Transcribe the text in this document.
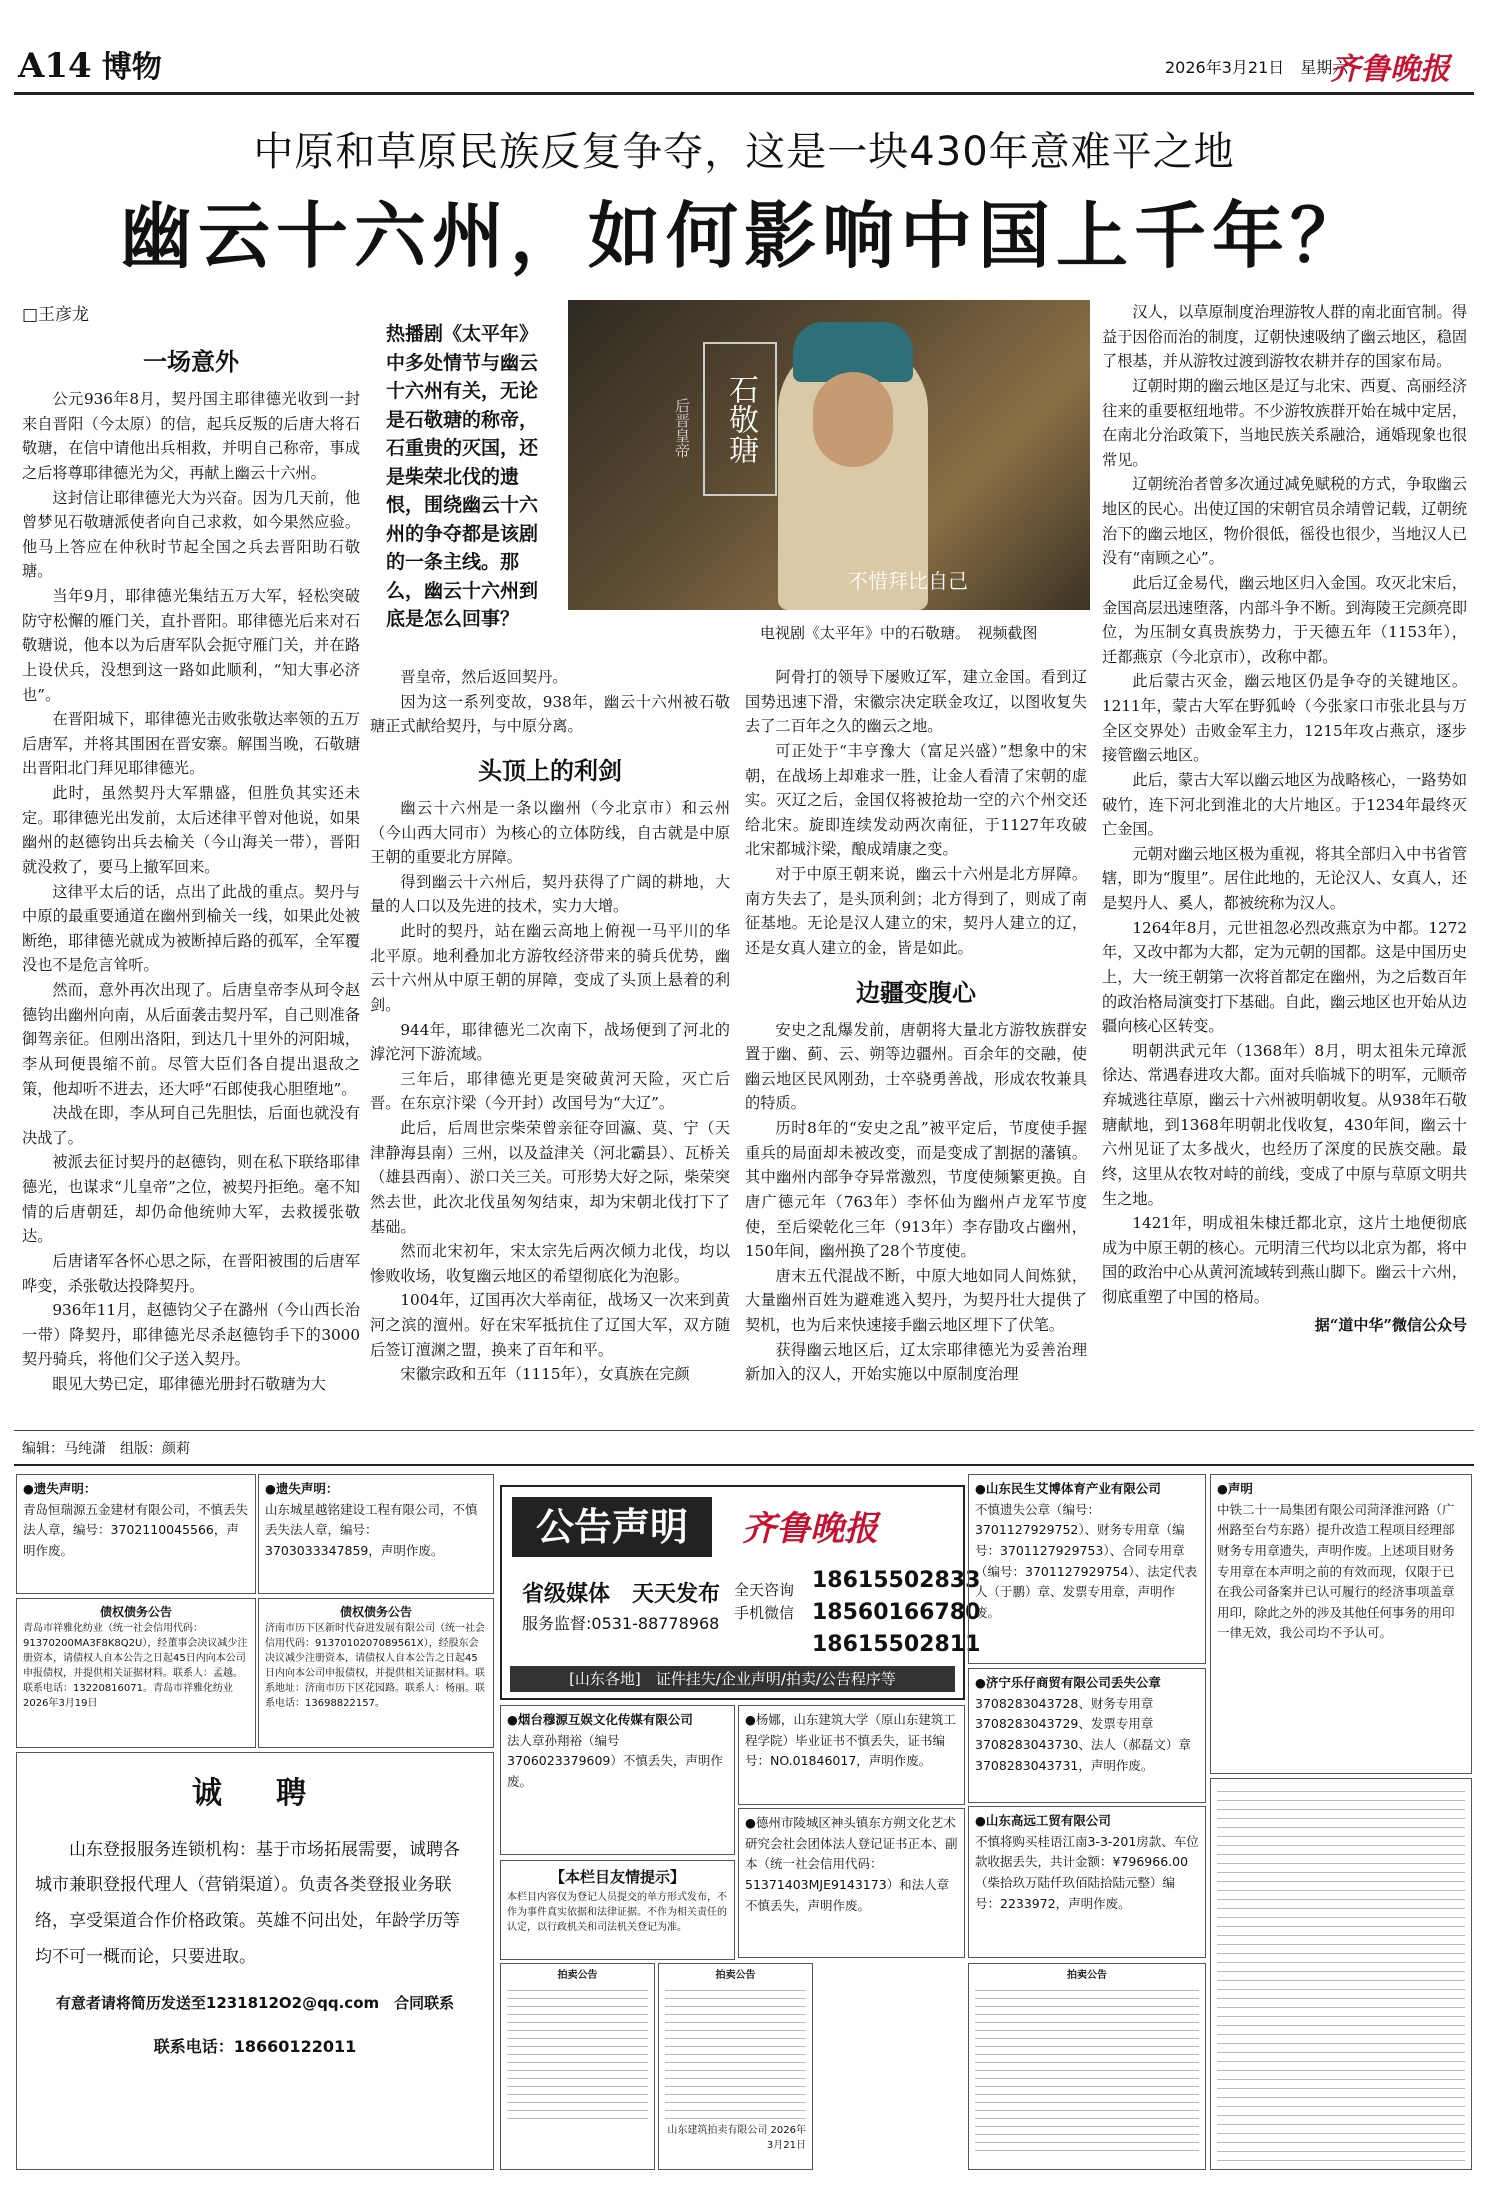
A14 博物	2026年3月21日　星期六
齐鲁晚报
中原和草原民族反复争夺，这是一块430年意难平之地
幽云十六州，如何影响中国上千年？
□王彦龙
热播剧《太平年》中多处情节与幽云十六州有关，无论是石敬瑭的称帝，石重贵的灭国，还是柴荣北伐的遗恨，围绕幽云十六州的争夺都是该剧的一条主线。那么，幽云十六州到底是怎么回事？
石敬瑭
后晋皇帝
不惜拜比自己
电视剧《太平年》中的石敬瑭。　视频截图
一场意外

公元936年8月，契丹国主耶律德光收到一封来自晋阳（今太原）的信，起兵反叛的后唐大将石敬瑭，在信中请他出兵相救，并明自己称帝，事成之后将尊耶律德光为父，再献上幽云十六州。

这封信让耶律德光大为兴奋。因为几天前，他曾梦见石敬瑭派使者向自己求救，如今果然应验。他马上答应在仲秋时节起全国之兵去晋阳助石敬瑭。

当年9月，耶律德光集结五万大军，轻松突破防守松懈的雁门关，直扑晋阳。耶律德光后来对石敬瑭说，他本以为后唐军队会扼守雁门关，并在路上设伏兵，没想到这一路如此顺利，“知大事必济也”。

在晋阳城下，耶律德光击败张敬达率领的五万后唐军，并将其围困在晋安寨。解围当晚，石敬瑭出晋阳北门拜见耶律德光。

此时，虽然契丹大军鼎盛，但胜负其实还未定。耶律德光出发前，太后述律平曾对他说，如果幽州的赵德钧出兵去榆关（今山海关一带），晋阳就没救了，要马上撤军回来。

这律平太后的话，点出了此战的重点。契丹与中原的最重要通道在幽州到榆关一线，如果此处被断绝，耶律德光就成为被断掉后路的孤军，全军覆没也不是危言耸听。

然而，意外再次出现了。后唐皇帝李从珂令赵德钧出幽州向南，从后面袭击契丹军，自己则准备御驾亲征。但刚出洛阳，到达几十里外的河阳城，李从珂便畏缩不前。尽管大臣们各自提出退敌之策，他却听不进去，还大呼“石郎使我心胆堕地”。

决战在即，李从珂自己先胆怯，后面也就没有决战了。

被派去征讨契丹的赵德钧，则在私下联络耶律德光，也谋求“儿皇帝”之位，被契丹拒绝。毫不知情的后唐朝廷，却仍命他统帅大军，去救援张敬达。

后唐诸军各怀心思之际，在晋阳被围的后唐军哗变，杀张敬达投降契丹。

936年11月，赵德钧父子在潞州（今山西长治一带）降契丹，耶律德光尽杀赵德钧手下的3000契丹骑兵，将他们父子送入契丹。

眼见大势已定，耶律德光册封石敬瑭为大

晋皇帝，然后返回契丹。

因为这一系列变故，938年，幽云十六州被石敬瑭正式献给契丹，与中原分离。

头顶上的利剑

幽云十六州是一条以幽州（今北京市）和云州（今山西大同市）为核心的立体防线，自古就是中原王朝的重要北方屏障。

得到幽云十六州后，契丹获得了广阔的耕地，大量的人口以及先进的技术，实力大增。

此时的契丹，站在幽云高地上俯视一马平川的华北平原。地利叠加北方游牧经济带来的骑兵优势，幽云十六州从中原王朝的屏障，变成了头顶上悬着的利剑。

944年，耶律德光二次南下，战场便到了河北的滹沱河下游流域。

三年后，耶律德光更是突破黄河天险，灭亡后晋。在东京汴梁（今开封）改国号为“大辽”。

此后，后周世宗柴荣曾亲征夺回瀛、莫、宁（天津静海县南）三州，以及益津关（河北霸县）、瓦桥关（雄县西南）、淤口关三关。可形势大好之际，柴荣突然去世，此次北伐虽匆匆结束，却为宋朝北伐打下了基础。

然而北宋初年，宋太宗先后两次倾力北伐，均以惨败收场，收复幽云地区的希望彻底化为泡影。

1004年，辽国再次大举南征，战场又一次来到黄河之滨的澶州。好在宋军抵抗住了辽国大军，双方随后签订澶渊之盟，换来了百年和平。

宋徽宗政和五年（1115年），女真族在完颜

阿骨打的领导下屡败辽军，建立金国。看到辽国势迅速下滑，宋徽宗决定联金攻辽，以图收复失去了二百年之久的幽云之地。

可正处于“丰亨豫大（富足兴盛）”想象中的宋朝，在战场上却难求一胜，让金人看清了宋朝的虚实。灭辽之后，金国仅将被抢劫一空的六个州交还给北宋。旋即连续发动两次南征，于1127年攻破北宋都城汴梁，酿成靖康之变。

对于中原王朝来说，幽云十六州是北方屏障。南方失去了，是头顶利剑；北方得到了，则成了南征基地。无论是汉人建立的宋，契丹人建立的辽，还是女真人建立的金，皆是如此。

边疆变腹心

安史之乱爆发前，唐朝将大量北方游牧族群安置于幽、蓟、云、朔等边疆州。百余年的交融，使幽云地区民风刚劲，士卒骁勇善战，形成农牧兼具的特质。

历时8年的“安史之乱”被平定后，节度使手握重兵的局面却未被改变，而是变成了割据的藩镇。其中幽州内部争夺异常激烈，节度使频繁更换。自唐广德元年（763年）李怀仙为幽州卢龙军节度使，至后梁乾化三年（913年）李存勖攻占幽州，150年间，幽州换了28个节度使。

唐末五代混战不断，中原大地如同人间炼狱，大量幽州百姓为避难逃入契丹，为契丹壮大提供了契机，也为后来快速接手幽云地区埋下了伏笔。

获得幽云地区后，辽太宗耶律德光为妥善治理新加入的汉人，开始实施以中原制度治理

汉人，以草原制度治理游牧人群的南北面官制。得益于因俗而治的制度，辽朝快速吸纳了幽云地区，稳固了根基，并从游牧过渡到游牧农耕并存的国家布局。

辽朝时期的幽云地区是辽与北宋、西夏、高丽经济往来的重要枢纽地带。不少游牧族群开始在城中定居，在南北分治政策下，当地民族关系融洽，通婚现象也很常见。

辽朝统治者曾多次通过减免赋税的方式，争取幽云地区的民心。出使辽国的宋朝官员余靖曾记载，辽朝统治下的幽云地区，物价很低，徭役也很少，当地汉人已没有“南顾之心”。

此后辽金易代，幽云地区归入金国。攻灭北宋后，金国高层迅速堕落，内部斗争不断。到海陵王完颜亮即位，为压制女真贵族势力，于天德五年（1153年），迁都燕京（今北京市），改称中都。

此后蒙古灭金，幽云地区仍是争夺的关键地区。1211年，蒙古大军在野狐岭（今张家口市张北县与万全区交界处）击败金军主力，1215年攻占燕京，逐步接管幽云地区。

此后，蒙古大军以幽云地区为战略核心，一路势如破竹，连下河北到淮北的大片地区。于1234年最终灭亡金国。

元朝对幽云地区极为重视，将其全部归入中书省管辖，即为“腹里”。居住此地的，无论汉人、女真人，还是契丹人、奚人，都被统称为汉人。

1264年8月，元世祖忽必烈改燕京为中都。1272年，又改中都为大都，定为元朝的国都。这是中国历史上，大一统王朝第一次将首都定在幽州，为之后数百年的政治格局演变打下基础。自此，幽云地区也开始从边疆向核心区转变。

明朝洪武元年（1368年）8月，明太祖朱元璋派徐达、常遇春进攻大都。面对兵临城下的明军，元顺帝弃城逃往草原，幽云十六州被明朝收复。从938年石敬瑭献地，到1368年明朝北伐收复，430年间，幽云十六州见证了太多战火，也经历了深度的民族交融。最终，这里从农牧对峙的前线，变成了中原与草原文明共生之地。

1421年，明成祖朱棣迁都北京，这片土地便彻底成为中原王朝的核心。元明清三代均以北京为都，将中国的政治中心从黄河流域转到燕山脚下。幽云十六州，彻底重塑了中国的格局。

据“道中华”微信公众号
编辑：马纯潇　组版：颜莉
●遗失声明：
青岛恒瑞源五金建材有限公司，不慎丢失法人章，编号：3702110045566，声明作废。
●遗失声明：
山东城星越铭建设工程有限公司，不慎丢失法人章，编号：3703033347859，声明作废。
债权债务公告
青岛市祥雅化纺业（统一社会信用代码：91370200MA3F8K8Q2U），经董事会决议减少注册资本，请债权人自本公告之日起45日内向本公司申报债权，并提供相关证据材料。联系人：孟越。联系电话：13220816071。青岛市祥雅化纺业 2026年3月19日
债权债务公告
济南市历下区新时代奋进发展有限公司（统一社会信用代码：9137010207089561X），经股东会决议减少注册资本，请债权人自本公告之日起45日内向本公司申报债权，并提供相关证据材料。联系地址：济南市历下区花园路。联系人：杨丽。联系电话：13698822157。
诚　聘
山东登报服务连锁机构：基于市场拓展需要，诚聘各城市兼职登报代理人（营销渠道）。负责各类登报业务联络，享受渠道合作价格政策。英雄不问出处，年龄学历等均不可一概而论，只要进取。
有意者请将简历发送至1231812O2@qq.com　合同联系
联系电话：18660122011
公告声明	齐鲁晚报
省级媒体　天天发布
服务监督:0531-88778968
全天咨询 手机微信
18615502833
18560166780
18615502811
[山东各地]　证件挂失/企业声明/拍卖/公告程序等
●烟台穆源互娱文化传媒有限公司
法人章孙翔裕（编号3706023379609）不慎丢失，声明作废。
●杨娜，山东建筑大学（原山东建筑工程学院）毕业证书不慎丢失，证书编号：NO.01846017，声明作废。
●德州市陵城区神头镇东方朔文化艺术研究会社会团体法人登记证书正本、副本（统一社会信用代码：51371403MJE9143173）和法人章不慎丢失，声明作废。
【本栏目友情提示】
本栏目内容仅为登记人员提交的单方形式发布，不作为事件真实依据和法律证据。不作为相关责任的认定，以行政机关和司法机关登记为准。
拍卖公告	拍卖公告
山东建筑拍卖有限公司 2026年3月21日
拍卖公告
●山东民生艾博体育产业有限公司
不慎遗失公章（编号：3701127929752）、财务专用章（编号：3701127929753）、合同专用章（编号：3701127929754）、法定代表人（于鹏）章、发票专用章，声明作废。
●济宁乐仔商贸有限公司丢失公章
3708283043728、财务专用章3708283043729、发票专用章3708283043730、法人（郝磊文）章3708283043731，声明作废。
●山东高远工贸有限公司
不慎将购买桂语江南3-3-201房款、车位款收据丢失，共计金额：¥796966.00（柴拾玖万陆仟玖佰陆拾陆元整）编号：2233972，声明作废。
●声明
中铁二十一局集团有限公司菏泽淮河路（广州路至台芍东路）提升改造工程项目经理部财务专用章遗失，声明作废。上述项目财务专用章在本声明之前的有效而现，仅限于已在我公司备案并已认可履行的经济事项盖章用印，除此之外的涉及其他任何事务的用印一律无效，我公司均不予认可。
